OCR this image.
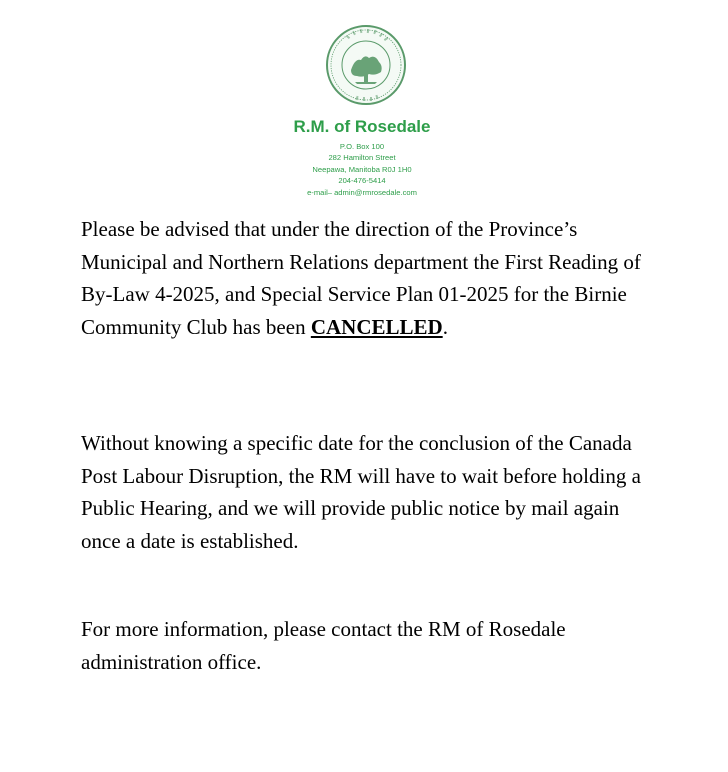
R.M. of Rosedale
P.O. Box 100
282 Hamilton Street
Neepawa, Manitoba R0J 1H0
204-476-5414
e-mail– admin@rmrosedale.com

Please be advised that under the direction of the Province’s Municipal and Northern Relations department the First Reading of By-Law 4-2025, and Special Service Plan 01-2025 for the Birnie Community Club has been CANCELLED.

Without knowing a specific date for the conclusion of the Canada Post Labour Disruption, the RM will have to wait before holding a Public Hearing, and we will provide public notice by mail again once a date is established.

For more information, please contact the RM of Rosedale administration office.
